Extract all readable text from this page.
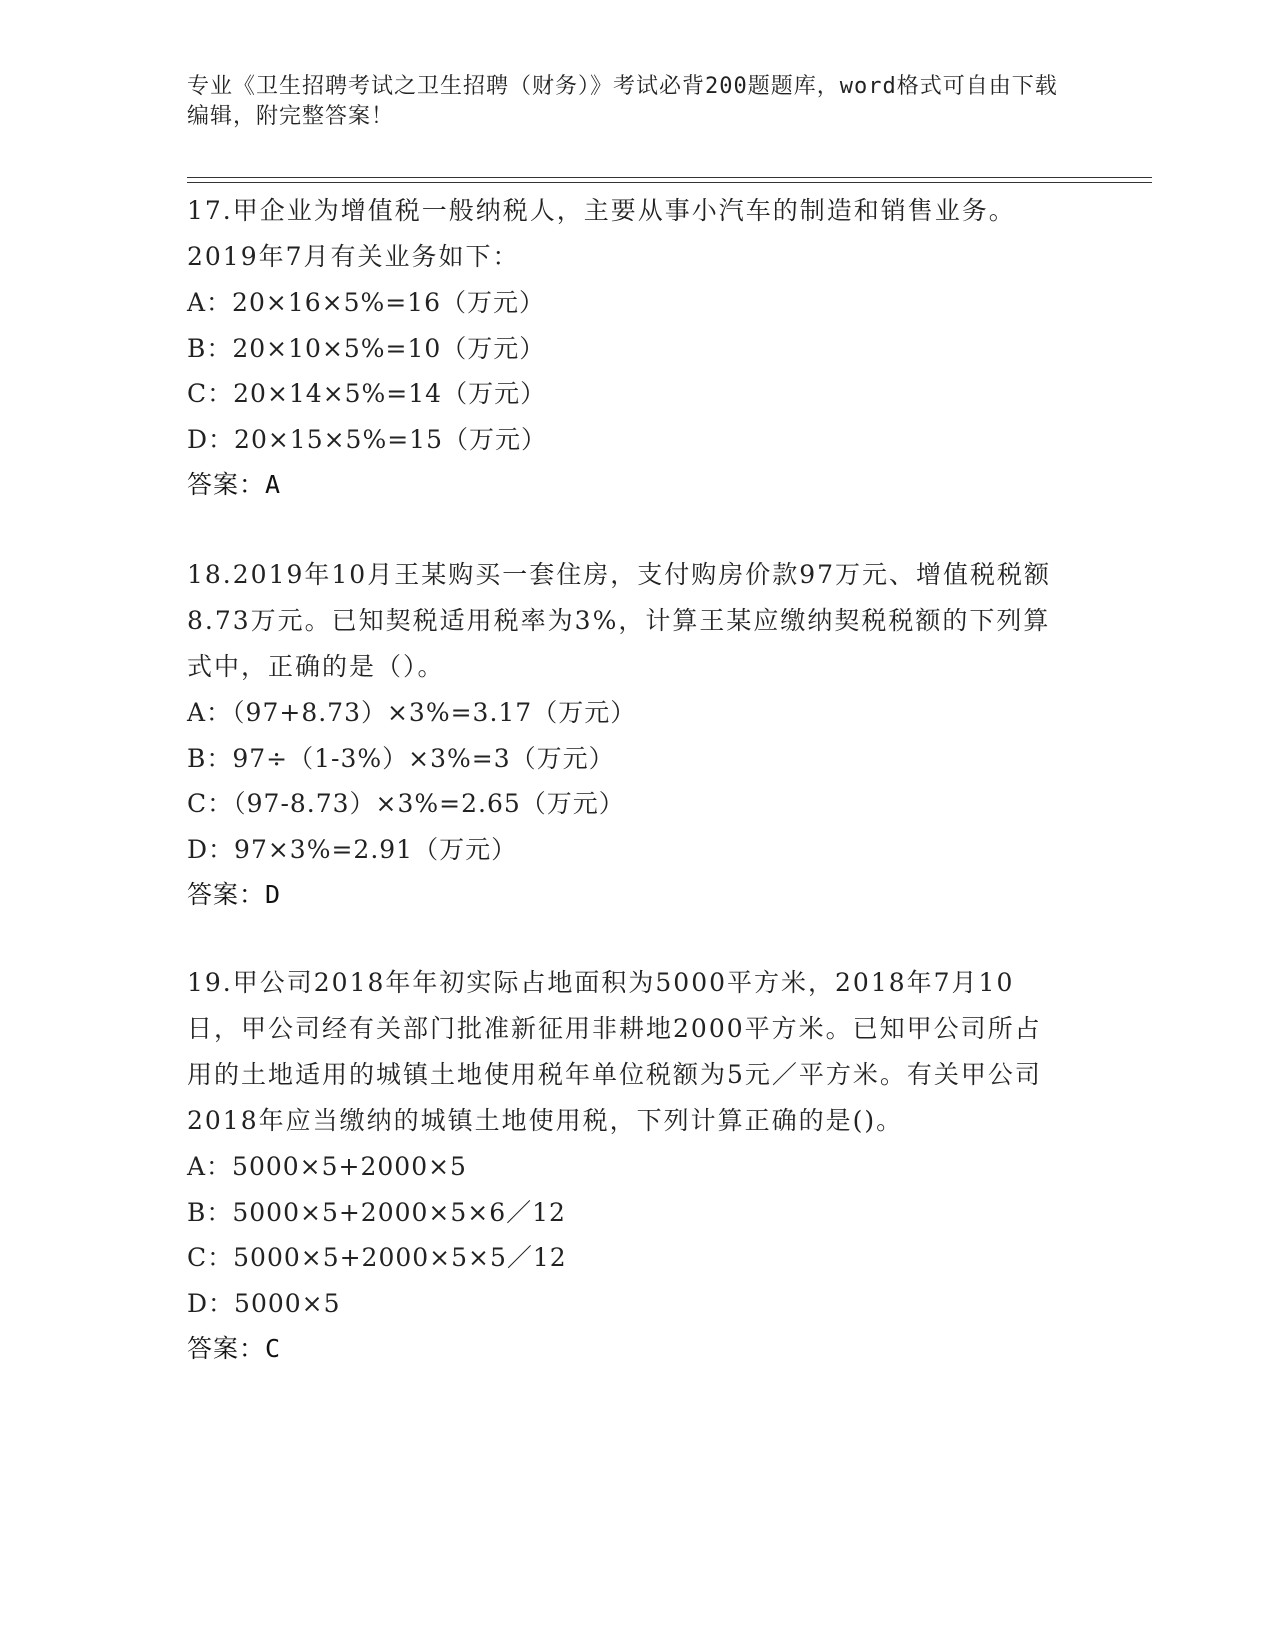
专业《卫生招聘考试之卫生招聘（财务）》考试必背200题题库，word格式可自由下载编辑，附完整答案！
17.甲企业为增值税一般纳税人，主要从事小汽车的制造和销售业务。2019年7月有关业务如下：
A：20×16×5%=16（万元）
B：20×10×5%=10（万元）
C：20×14×5%=14（万元）
D：20×15×5%=15（万元）
答案：A
18.2019年10月王某购买一套住房，支付购房价款97万元、增值税税额8.73万元。已知契税适用税率为3%，计算王某应缴纳契税税额的下列算式中，正确的是（）。
A：（97+8.73）×3%=3.17（万元）
B：97÷（1-3%）×3%=3（万元）
C：（97-8.73）×3%=2.65（万元）
D：97×3%=2.91（万元）
答案：D
19.甲公司2018年年初实际占地面积为5000平方米，2018年7月10日，甲公司经有关部门批准新征用非耕地2000平方米。已知甲公司所占用的土地适用的城镇土地使用税年单位税额为5元／平方米。有关甲公司2018年应当缴纳的城镇土地使用税，下列计算正确的是()。
A：5000×5+2000×5
B：5000×5+2000×5×6／12
C：5000×5+2000×5×5／12
D：5000×5
答案：C
